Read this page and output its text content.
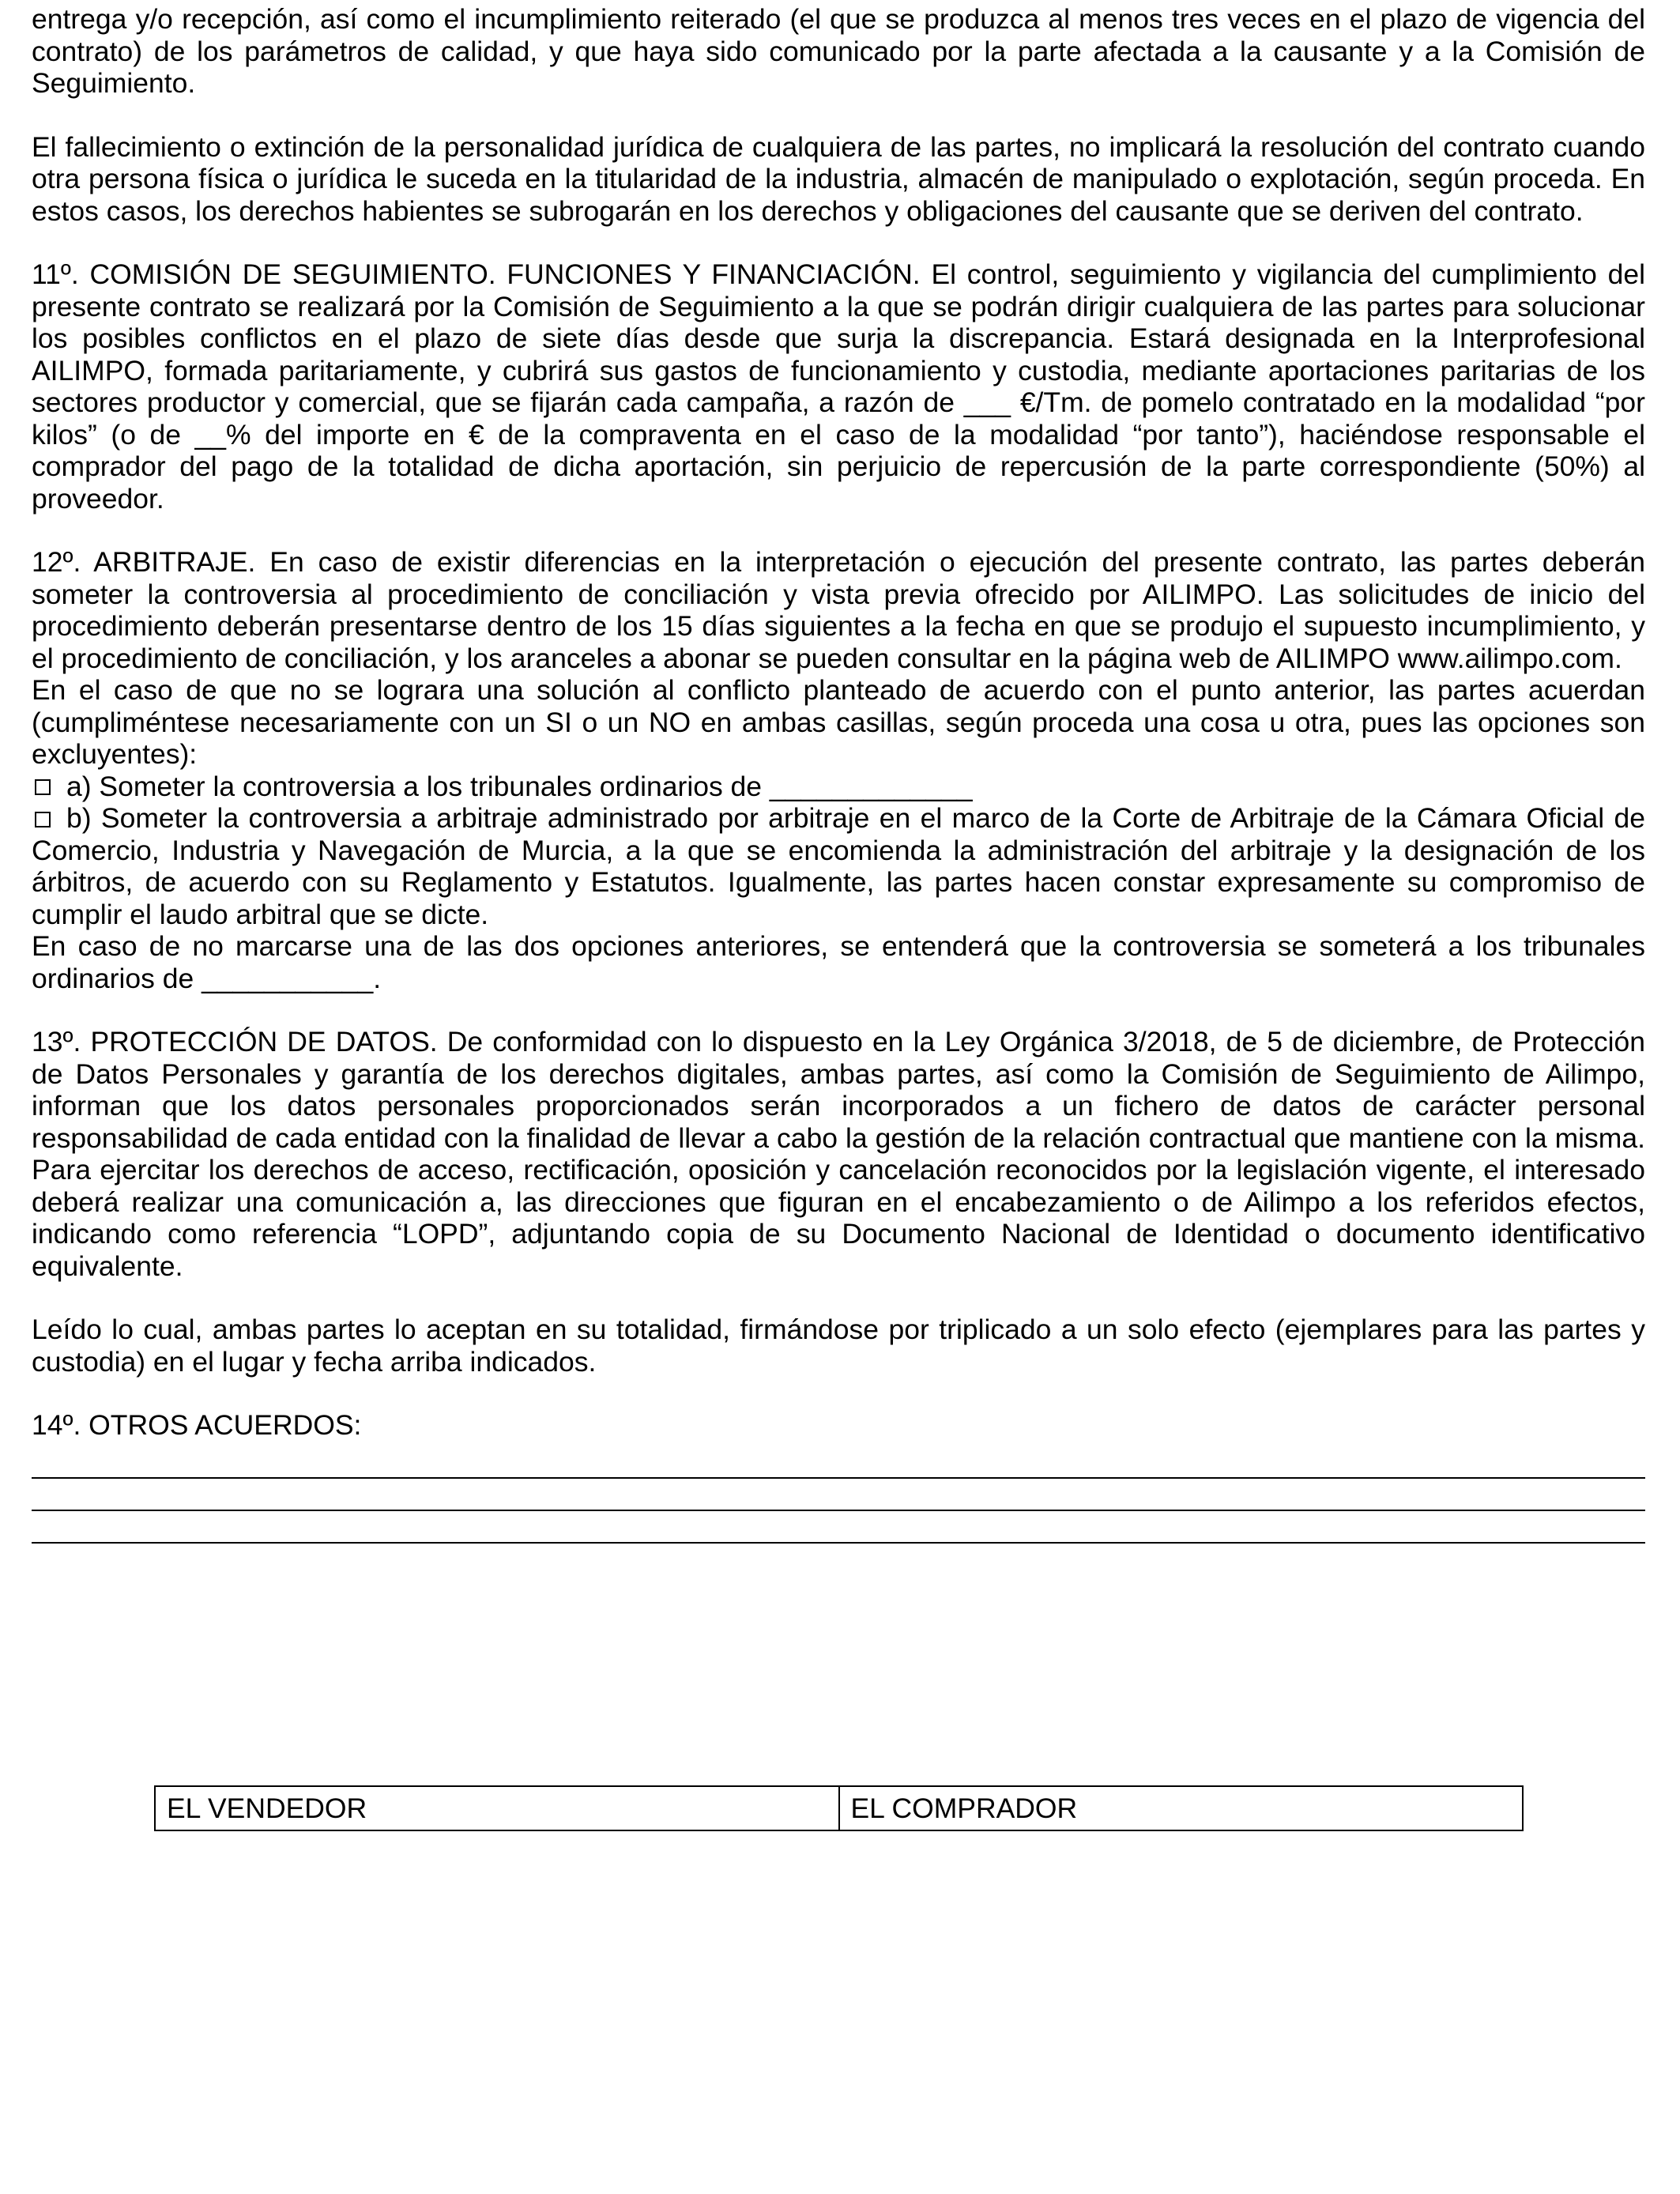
entrega y/o recepción, así como el incumplimiento reiterado (el que se produzca al menos tres veces en el plazo de vigencia del contrato) de los parámetros de calidad, y que haya sido comunicado por la parte afectada a la causante y a la Comisión de Seguimiento.

El fallecimiento o extinción de la personalidad jurídica de cualquiera de las partes, no implicará la resolución del contrato cuando otra persona física o jurídica le suceda en la titularidad de la industria, almacén de manipulado o explotación, según proceda. En estos casos, los derechos habientes se subrogarán en los derechos y obligaciones del causante que se deriven del contrato.

11º. COMISIÓN DE SEGUIMIENTO. FUNCIONES Y FINANCIACIÓN. El control, seguimiento y vigilancia del cumplimiento del presente contrato se realizará por la Comisión de Seguimiento a la que se podrán dirigir cualquiera de las partes para solucionar los posibles conflictos en el plazo de siete días desde que surja la discrepancia. Estará designada en la Interprofesional AILIMPO, formada paritariamente, y cubrirá sus gastos de funcionamiento y custodia, mediante aportaciones paritarias de los sectores productor y comercial, que se fijarán cada campaña, a razón de ___ €/Tm. de pomelo contratado en la modalidad “por kilos” (o de __% del importe en € de la compraventa en el caso de la modalidad “por tanto”), haciéndose responsable el comprador del pago de la totalidad de dicha aportación, sin perjuicio de repercusión de la parte correspondiente (50%) al proveedor.

12º. ARBITRAJE. En caso de existir diferencias en la interpretación o ejecución del presente contrato, las partes deberán someter la controversia al procedimiento de conciliación y vista previa ofrecido por AILIMPO. Las solicitudes de inicio del procedimiento deberán presentarse dentro de los 15 días siguientes a la fecha en que se produjo el supuesto incumplimiento, y el procedimiento de conciliación, y los aranceles a abonar se pueden consultar en la página web de AILIMPO www.ailimpo.com.
En el caso de que no se lograra una solución al conflicto planteado de acuerdo con el punto anterior, las partes acuerdan (cumpliméntese necesariamente con un SI o un NO en ambas casillas, según proceda una cosa u otra, pues las opciones son excluyentes):
a) Someter la controversia a los tribunales ordinarios de _____________
b) Someter la controversia a arbitraje administrado por arbitraje en el marco de la Corte de Arbitraje de la Cámara Oficial de Comercio, Industria y Navegación de Murcia, a la que se encomienda la administración del arbitraje y la designación de los árbitros, de acuerdo con su Reglamento y Estatutos. Igualmente, las partes hacen constar expresamente su compromiso de cumplir el laudo arbitral que se dicte.
En caso de no marcarse una de las dos opciones anteriores, se entenderá que la controversia se someterá a los tribunales ordinarios de ___________.

13º. PROTECCIÓN DE DATOS. De conformidad con lo dispuesto en la Ley Orgánica 3/2018, de 5 de diciembre, de Protección de Datos Personales y garantía de los derechos digitales, ambas partes, así como la Comisión de Seguimiento de Ailimpo, informan que los datos personales proporcionados serán incorporados a un fichero de datos de carácter personal responsabilidad de cada entidad con la finalidad de llevar a cabo la gestión de la relación contractual que mantiene con la misma. Para ejercitar los derechos de acceso, rectificación, oposición y cancelación reconocidos por la legislación vigente, el interesado deberá realizar una comunicación a, las direcciones que figuran en el encabezamiento o de Ailimpo a los referidos efectos, indicando como referencia “LOPD”, adjuntando copia de su Documento Nacional de Identidad o documento identificativo equivalente.

Leído lo cual, ambas partes lo aceptan en su totalidad, firmándose por triplicado a un solo efecto (ejemplares para las partes y custodia) en el lugar y fecha arriba indicados.

14º. OTROS ACUERDOS:

EL VENDEDOR	EL COMPRADOR
